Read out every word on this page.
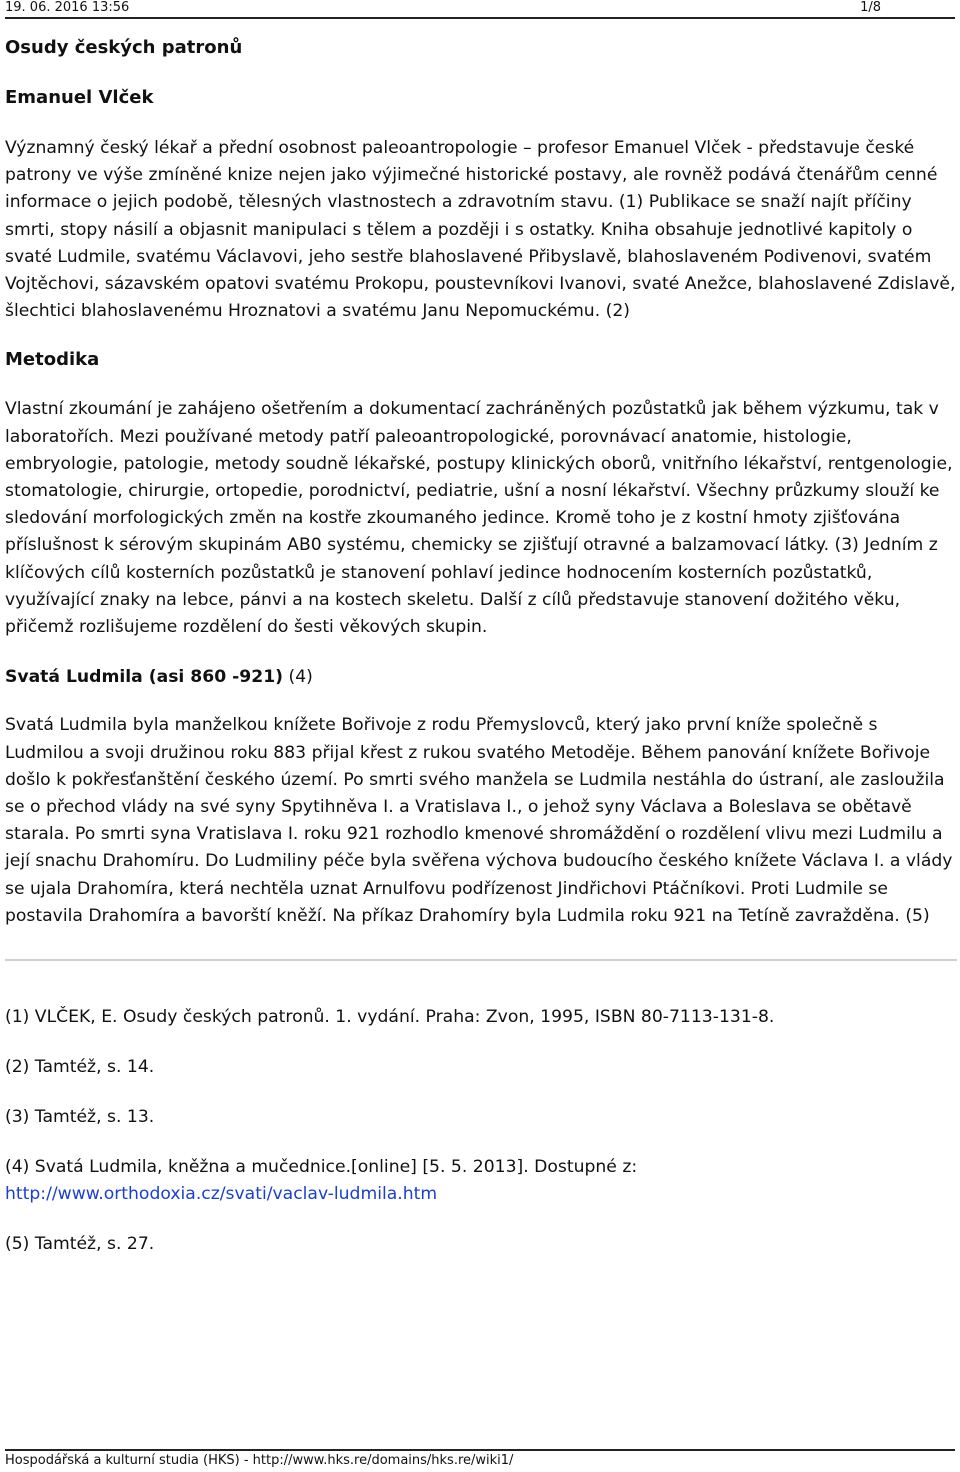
19. 06. 2016 13:56	1/8
Osudy českých patronů
Emanuel Vlček

Významný český lékař a přední osobnost paleoantropologie – profesor Emanuel Vlček - představuje české patrony ve výše zmíněné knize nejen jako výjimečné historické postavy, ale rovněž podává čtenářům cenné informace o jejich podobě, tělesných vlastnostech a zdravotním stavu. (1) Publikace se snaží najít příčiny smrti, stopy násilí a objasnit manipulaci s tělem a později i s ostatky. Kniha obsahuje jednotlivé kapitoly o svaté Ludmile, svatému Václavovi, jeho sestře blahoslavené Přibyslavě, blahoslaveném Podivenovi, svatém Vojtěchovi, sázavském opatovi svatému Prokopu, poustevníkovi Ivanovi, svaté Anežce, blahoslavené Zdislavě, šlechtici blahoslavenému Hroznatovi a svatému Janu Nepomuckému. (2)

Metodika

Vlastní zkoumání je zahájeno ošetřením a dokumentací zachráněných pozůstatků jak během výzkumu, tak v laboratořích. Mezi používané metody patří paleoantropologické, porovnávací anatomie, histologie, embryologie, patologie, metody soudně lékařské, postupy klinických oborů, vnitřního lékařství, rentgenologie, stomatologie, chirurgie, ortopedie, porodnictví, pediatrie, ušní a nosní lékařství. Všechny průzkumy slouží ke sledování morfologických změn na kostře zkoumaného jedince. Kromě toho je z kostní hmoty zjišťována příslušnost k sérovým skupinám AB0 systému, chemicky se zjišťují otravné a balzamovací látky. (3) Jedním z klíčových cílů kosterních pozůstatků je stanovení pohlaví jedince hodnocením kosterních pozůstatků, využívající znaky na lebce, pánvi a na kostech skeletu. Další z cílů představuje stanovení dožitého věku, přičemž rozlišujeme rozdělení do šesti věkových skupin.

Svatá Ludmila (asi 860 -921) (4)

Svatá Ludmila byla manželkou knížete Bořivoje z rodu Přemyslovců, který jako první kníže společně s Ludmilou a svoji družinou roku 883 přijal křest z rukou svatého Metoděje. Během panování knížete Bořivoje došlo k pokřesťanštění českého území. Po smrti svého manžela se Ludmila nestáhla do ústraní, ale zasloužila se o přechod vlády na své syny Spytihněva I. a Vratislava I., o jehož syny Václava a Boleslava se obětavě starala. Po smrti syna Vratislava I. roku 921 rozhodlo kmenové shromáždění o rozdělení vlivu mezi Ludmilu a její snachu Drahomíru. Do Ludmiliny péče byla svěřena výchova budoucího českého knížete Václava I. a vlády se ujala Drahomíra, která nechtěla uznat Arnulfovu podřízenost Jindřichovi Ptáčníkovi. Proti Ludmile se postavila Drahomíra a bavorští kněží. Na příkaz Drahomíry byla Ludmila roku 921 na Tetíně zavražděna. (5)

(1) VLČEK, E. Osudy českých patronů. 1. vydání. Praha: Zvon, 1995, ISBN 80-7113-131-8.

(2) Tamtéž, s. 14.

(3) Tamtéž, s. 13.

(4) Svatá Ludmila, kněžna a mučednice.[online] [5. 5. 2013]. Dostupné z:
http://www.orthodoxia.cz/svati/vaclav-ludmila.htm

(5) Tamtéž, s. 27.

Hospodářská a kulturní studia (HKS) - http://www.hks.re/domains/hks.re/wiki1/
